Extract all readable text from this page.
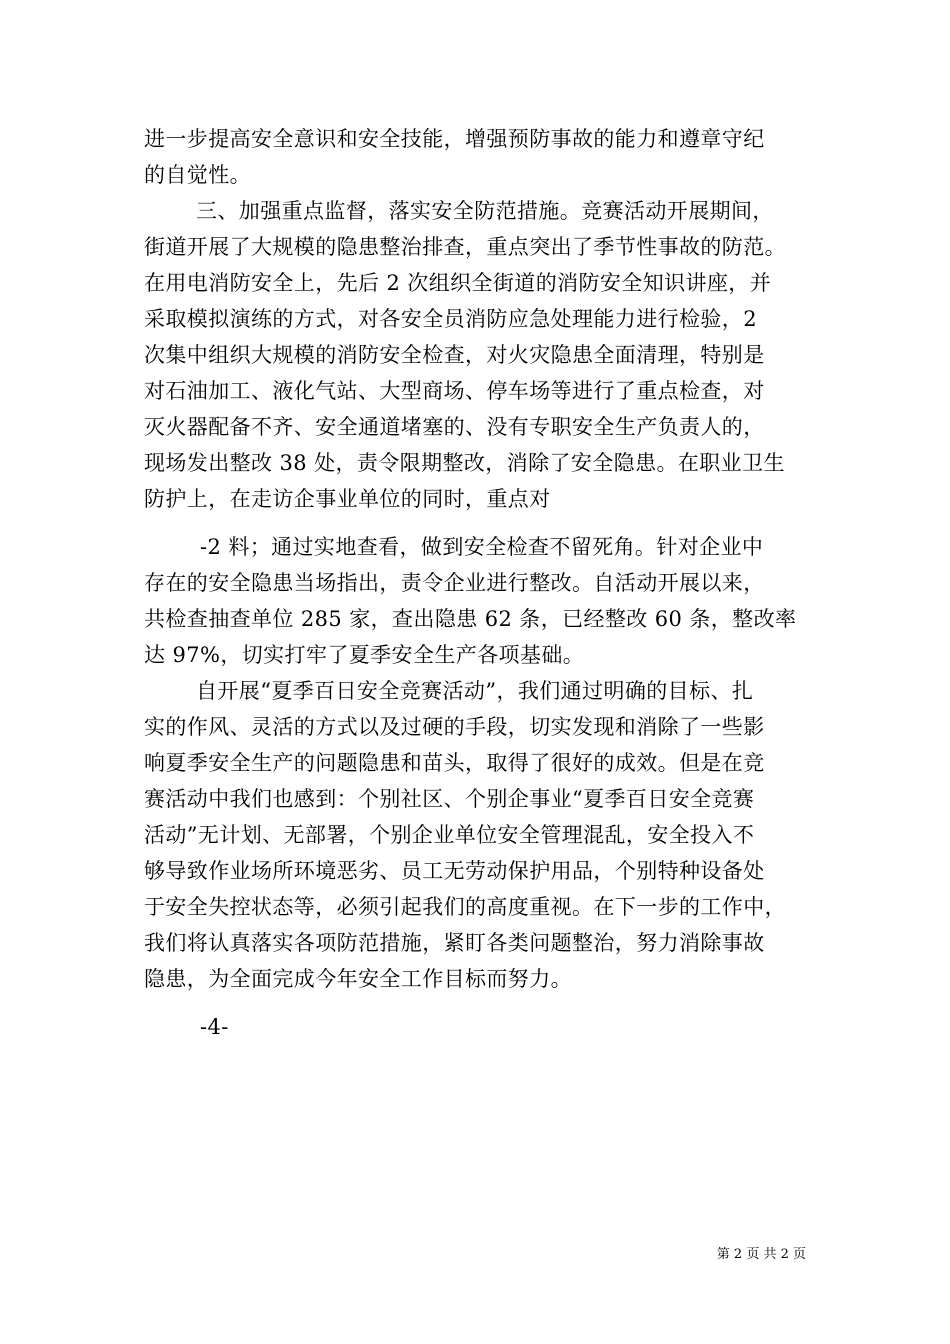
进一步提高安全意识和安全技能，增强预防事故的能力和遵章守纪
的自觉性。
三、加强重点监督，落实安全防范措施。竞赛活动开展期间，
街道开展了大规模的隐患整治排查，重点突出了季节性事故的防范。
在用电消防安全上，先后 2 次组织全街道的消防安全知识讲座，并
采取模拟演练的方式，对各安全员消防应急处理能力进行检验，2
次集中组织大规模的消防安全检查，对火灾隐患全面清理，特别是
对石油加工、液化气站、大型商场、停车场等进行了重点检查，对
灭火器配备不齐、安全通道堵塞的、没有专职安全生产负责人的，
现场发出整改 38 处，责令限期整改，消除了安全隐患。在职业卫生
防护上，在走访企事业单位的同时，重点对
-2 料；通过实地查看，做到安全检查不留死角。针对企业中
存在的安全隐患当场指出，责令企业进行整改。自活动开展以来，
共检查抽查单位 285 家，查出隐患 62 条，已经整改 60 条，整改率
达 97%，切实打牢了夏季安全生产各项基础。
自开展“夏季百日安全竞赛活动”，我们通过明确的目标、扎
实的作风、灵活的方式以及过硬的手段，切实发现和消除了一些影
响夏季安全生产的问题隐患和苗头，取得了很好的成效。但是在竞
赛活动中我们也感到：个别社区、个别企事业“夏季百日安全竞赛
活动”无计划、无部署，个别企业单位安全管理混乱，安全投入不
够导致作业场所环境恶劣、员工无劳动保护用品，个别特种设备处
于安全失控状态等，必须引起我们的高度重视。在下一步的工作中，
我们将认真落实各项防范措施，紧盯各类问题整治，努力消除事故
隐患，为全面完成今年安全工作目标而努力。
-4-
第 2 页 共 2 页
